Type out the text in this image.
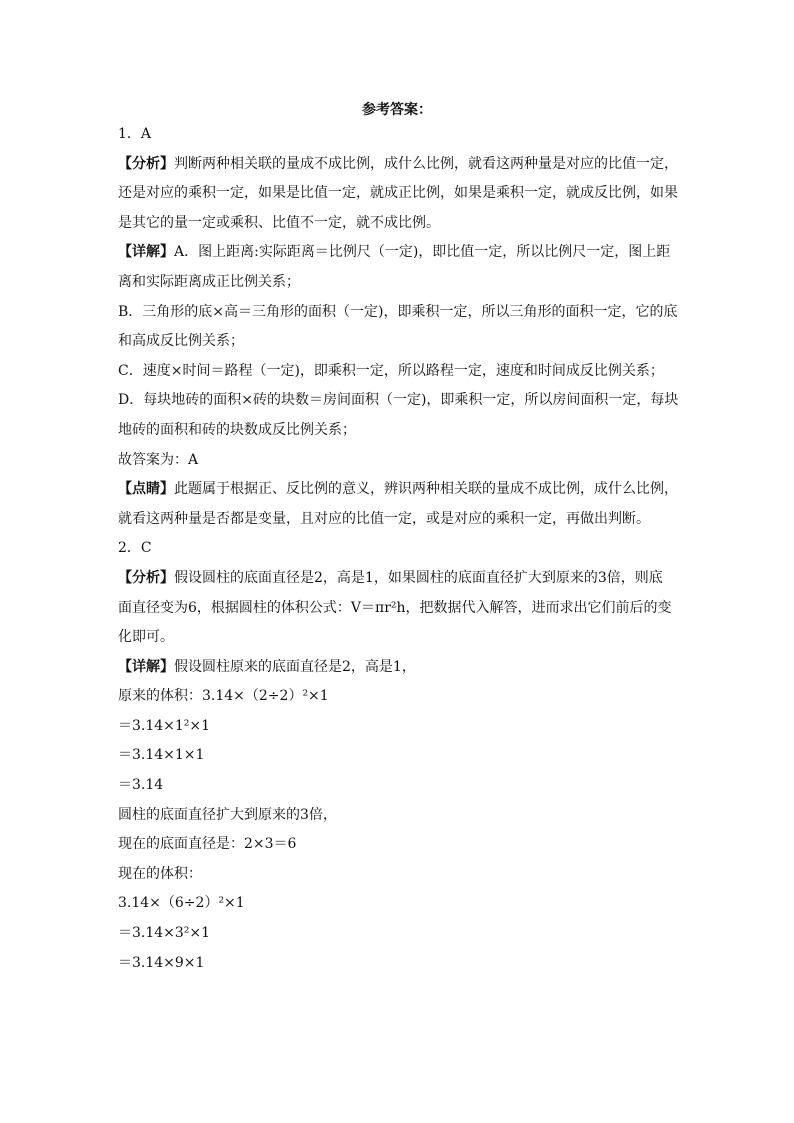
参考答案：
1．A
【分析】判断两种相关联的量成不成比例，成什么比例，就看这两种量是对应的比值一定，
还是对应的乘积一定，如果是比值一定，就成正比例，如果是乘积一定，就成反比例，如果
是其它的量一定或乘积、比值不一定，就不成比例。
【详解】A．图上距离:实际距离＝比例尺（一定)，即比值一定，所以比例尺一定，图上距
离和实际距离成正比例关系；
B．三角形的底×高＝三角形的面积（一定)，即乘积一定，所以三角形的面积一定，它的底
和高成反比例关系；
C．速度×时间＝路程（一定)，即乘积一定，所以路程一定，速度和时间成反比例关系；
D．每块地砖的面积×砖的块数＝房间面积（一定)，即乘积一定，所以房间面积一定，每块
地砖的面积和砖的块数成反比例关系；
故答案为：A
【点睛】此题属于根据正、反比例的意义，辨识两种相关联的量成不成比例，成什么比例，
就看这两种量是否都是变量，且对应的比值一定，或是对应的乘积一定，再做出判断。
2．C
【分析】假设圆柱的底面直径是2，高是1，如果圆柱的底面直径扩大到原来的3倍，则底
面直径变为6，根据圆柱的体积公式：V＝πr²h，把数据代入解答，进而求出它们前后的变
化即可。
【详解】假设圆柱原来的底面直径是2，高是1，
原来的体积：3.14×（2÷2）²×1
＝3.14×1²×1
＝3.14×1×1
＝3.14
圆柱的底面直径扩大到原来的3倍，
现在的底面直径是：2×3＝6
现在的体积：
3.14×（6÷2）²×1
＝3.14×3²×1
＝3.14×9×1
